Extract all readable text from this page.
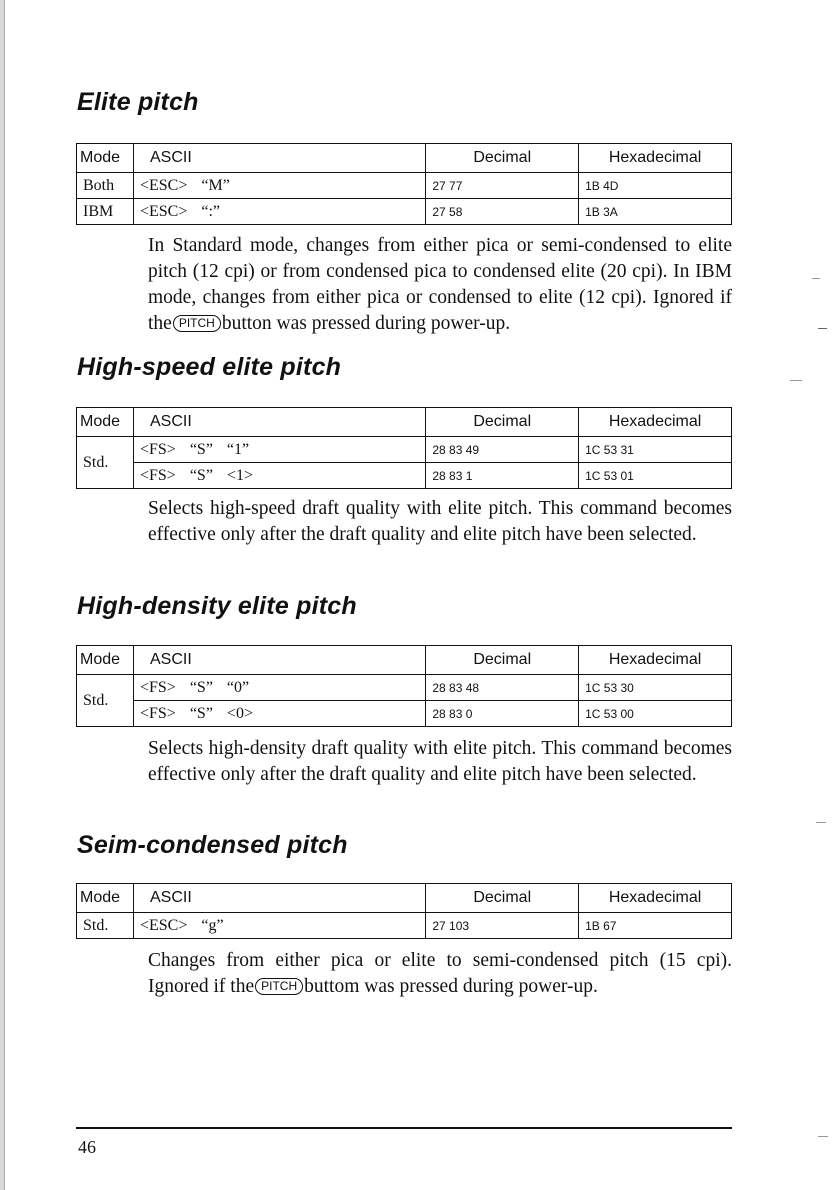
Elite pitch
Mode	ASCII	Decimal	Hexadecimal
Both	<ESC> “M”	27 77	1B 4D
IBM	<ESC> “:”	27 58	1B 3A

In Standard mode, changes from either pica or semi-condensed to elite pitch (12 cpi) or from condensed pica to condensed elite (20 cpi). In IBM mode, changes from either pica or condensed to elite (12 cpi). Ignored if the PITCH button was pressed during power-up.

High-speed elite pitch
Mode	ASCII	Decimal	Hexadecimal
Std.	<FS> “S” “1”	28 83 49	1C 53 31
	<FS> “S” <1>	28 83 1	1C 53 01

Selects high-speed draft quality with elite pitch. This command becomes effective only after the draft quality and elite pitch have been selected.

High-density elite pitch
Mode	ASCII	Decimal	Hexadecimal
Std.	<FS> “S” “0”	28 83 48	1C 53 30
	<FS> “S” <0>	28 83 0	1C 53 00

Selects high-density draft quality with elite pitch. This command becomes effective only after the draft quality and elite pitch have been selected.

Seim-condensed pitch
Mode	ASCII	Decimal	Hexadecimal
Std.	<ESC> “g”	27 103	1B 67

Changes from either pica or elite to semi-condensed pitch (15 cpi). Ignored if the PITCH buttom was pressed during power-up.

46
